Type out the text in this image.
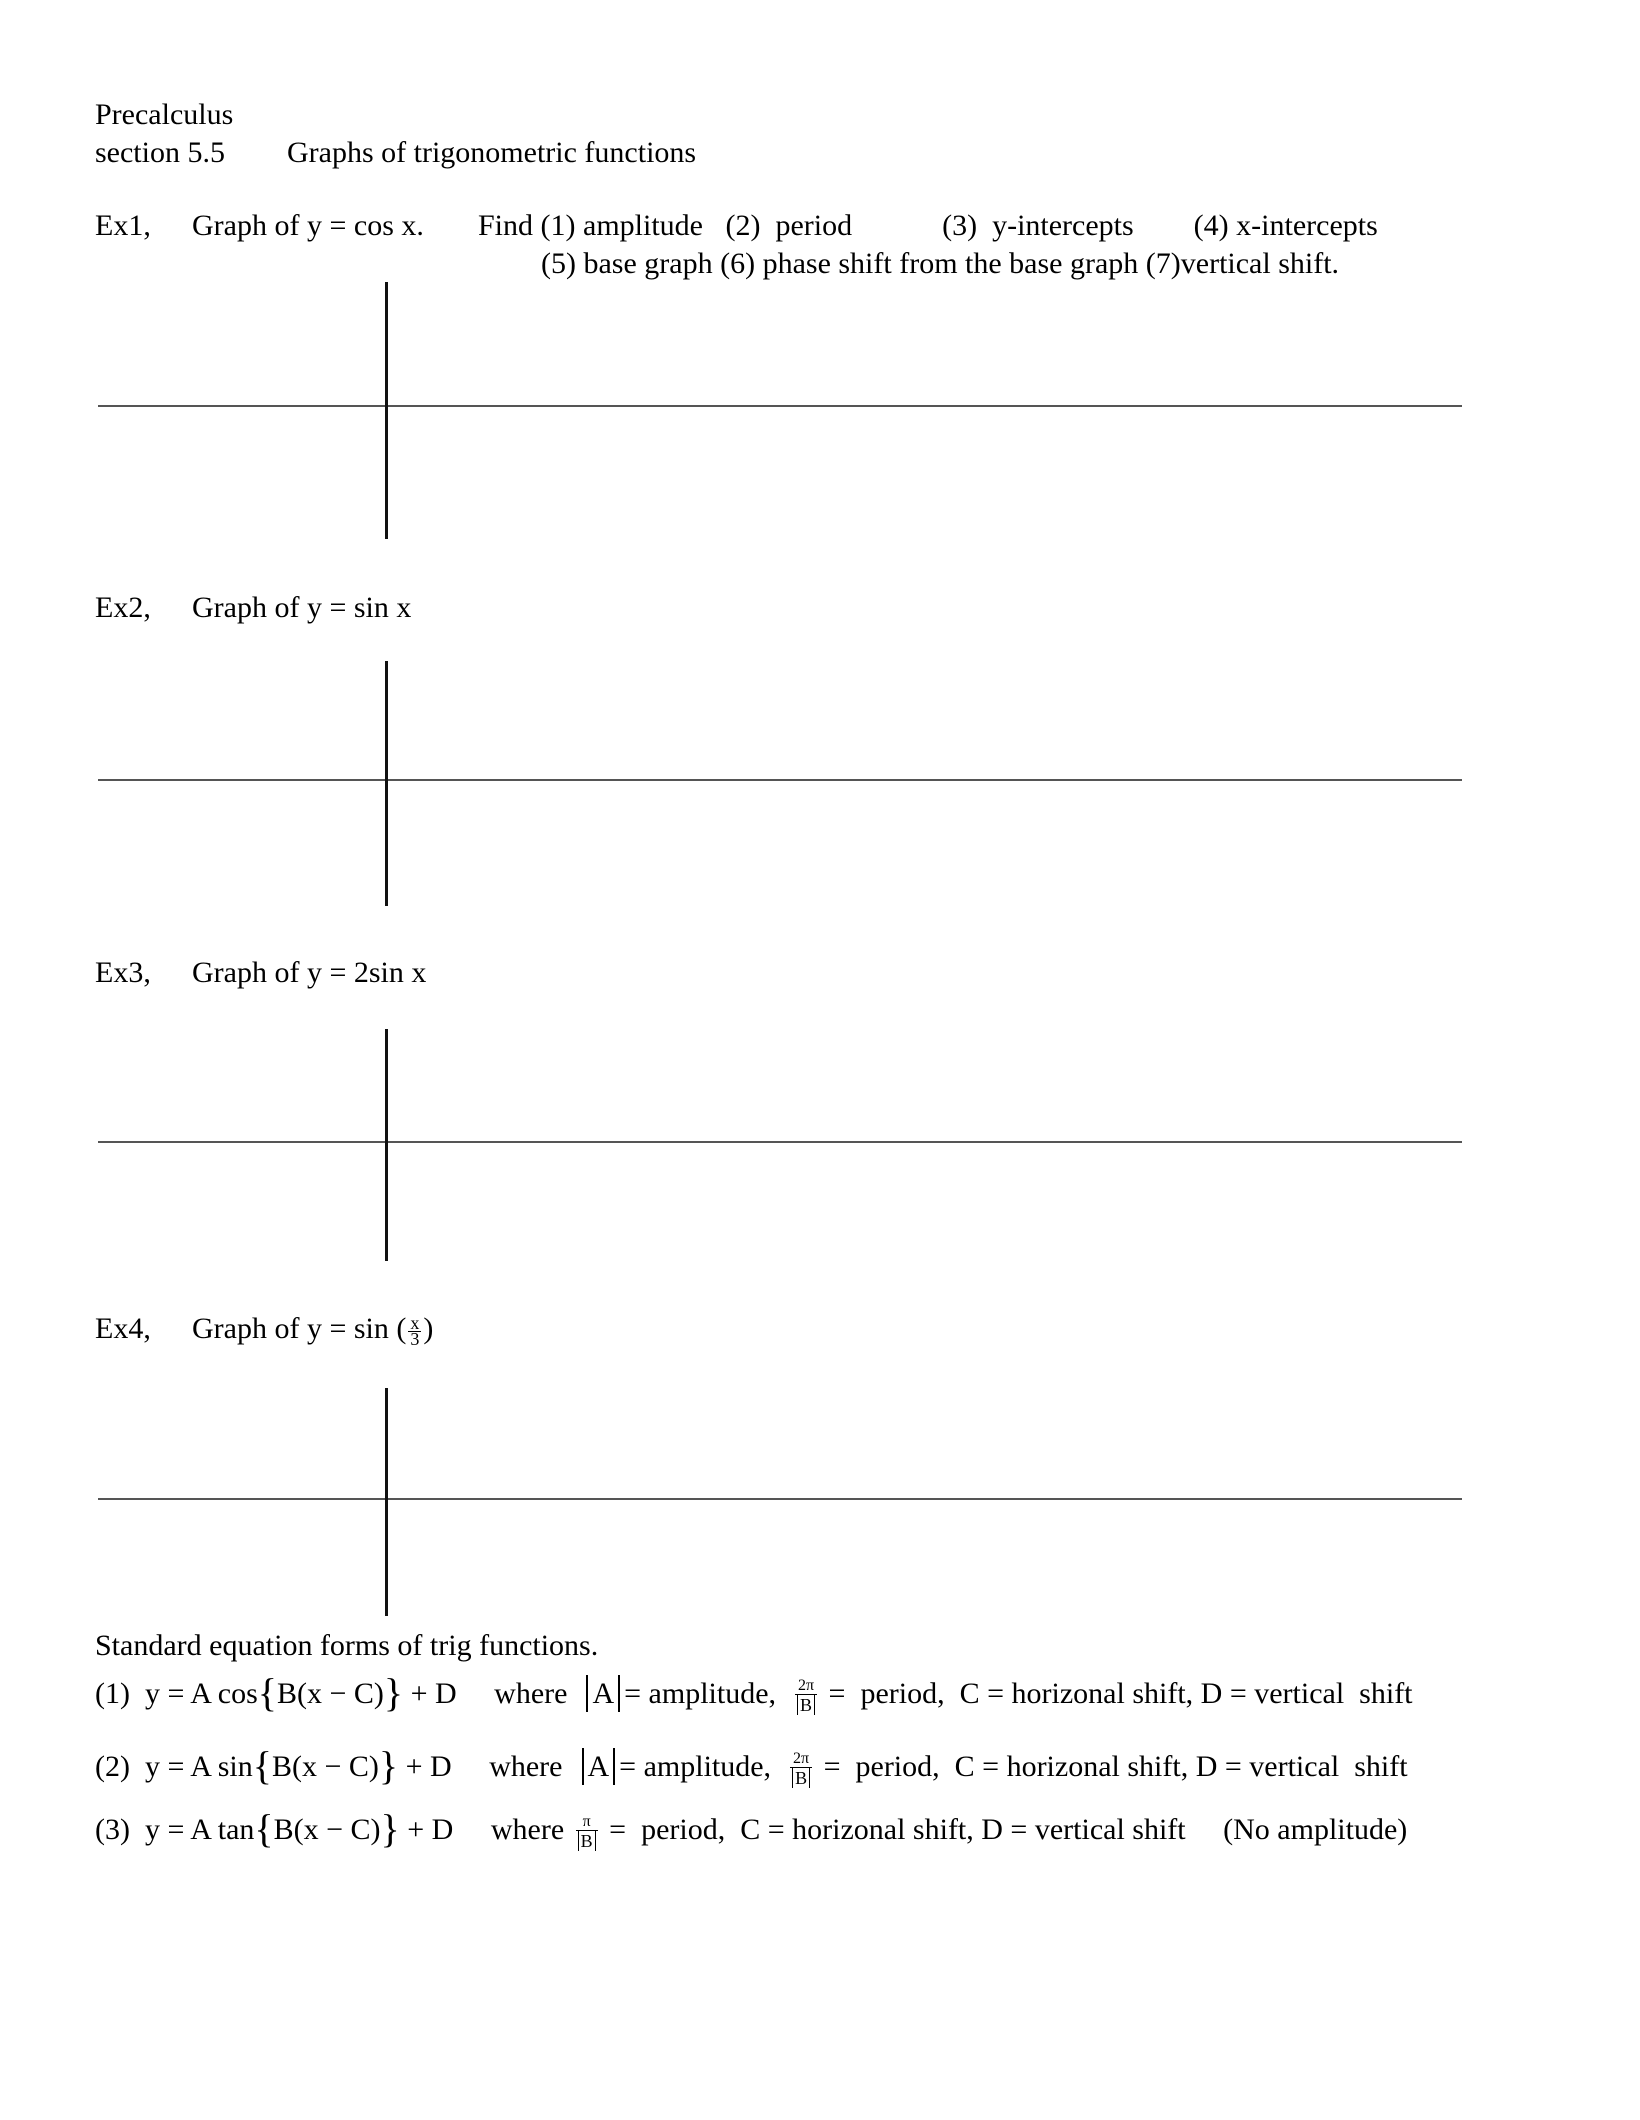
Precalculus
section 5.5 Graphs of trigonometric functions
Ex1, Graph of y = cos x. Find (1) amplitude   (2)  period            (3)  y-intercepts        (4) x-intercepts
(5) base graph (6) phase shift from the base graph (7)vertical shift.
Ex2, Graph of y = sin x
Ex3, Graph of y = 2sin x
Ex4, Graph of y = sin ( $\frac{x}{3}$ )
Standard equation forms of trig functions.
(1) y = A cos{B(x − C)} + D where A = amplitude, $\frac{2\pi}{B}$ =  period,  C = horizonal shift, D = vertical  shift
(2) y = A sin{B(x − C)} + D where A = amplitude, $\frac{2\pi}{B}$ =  period,  C = horizonal shift, D = vertical  shift
(3) y = A tan{B(x − C)} + D where $\frac{\pi}{B}$ =  period,  C = horizonal shift, D = vertical shift (No amplitude)
